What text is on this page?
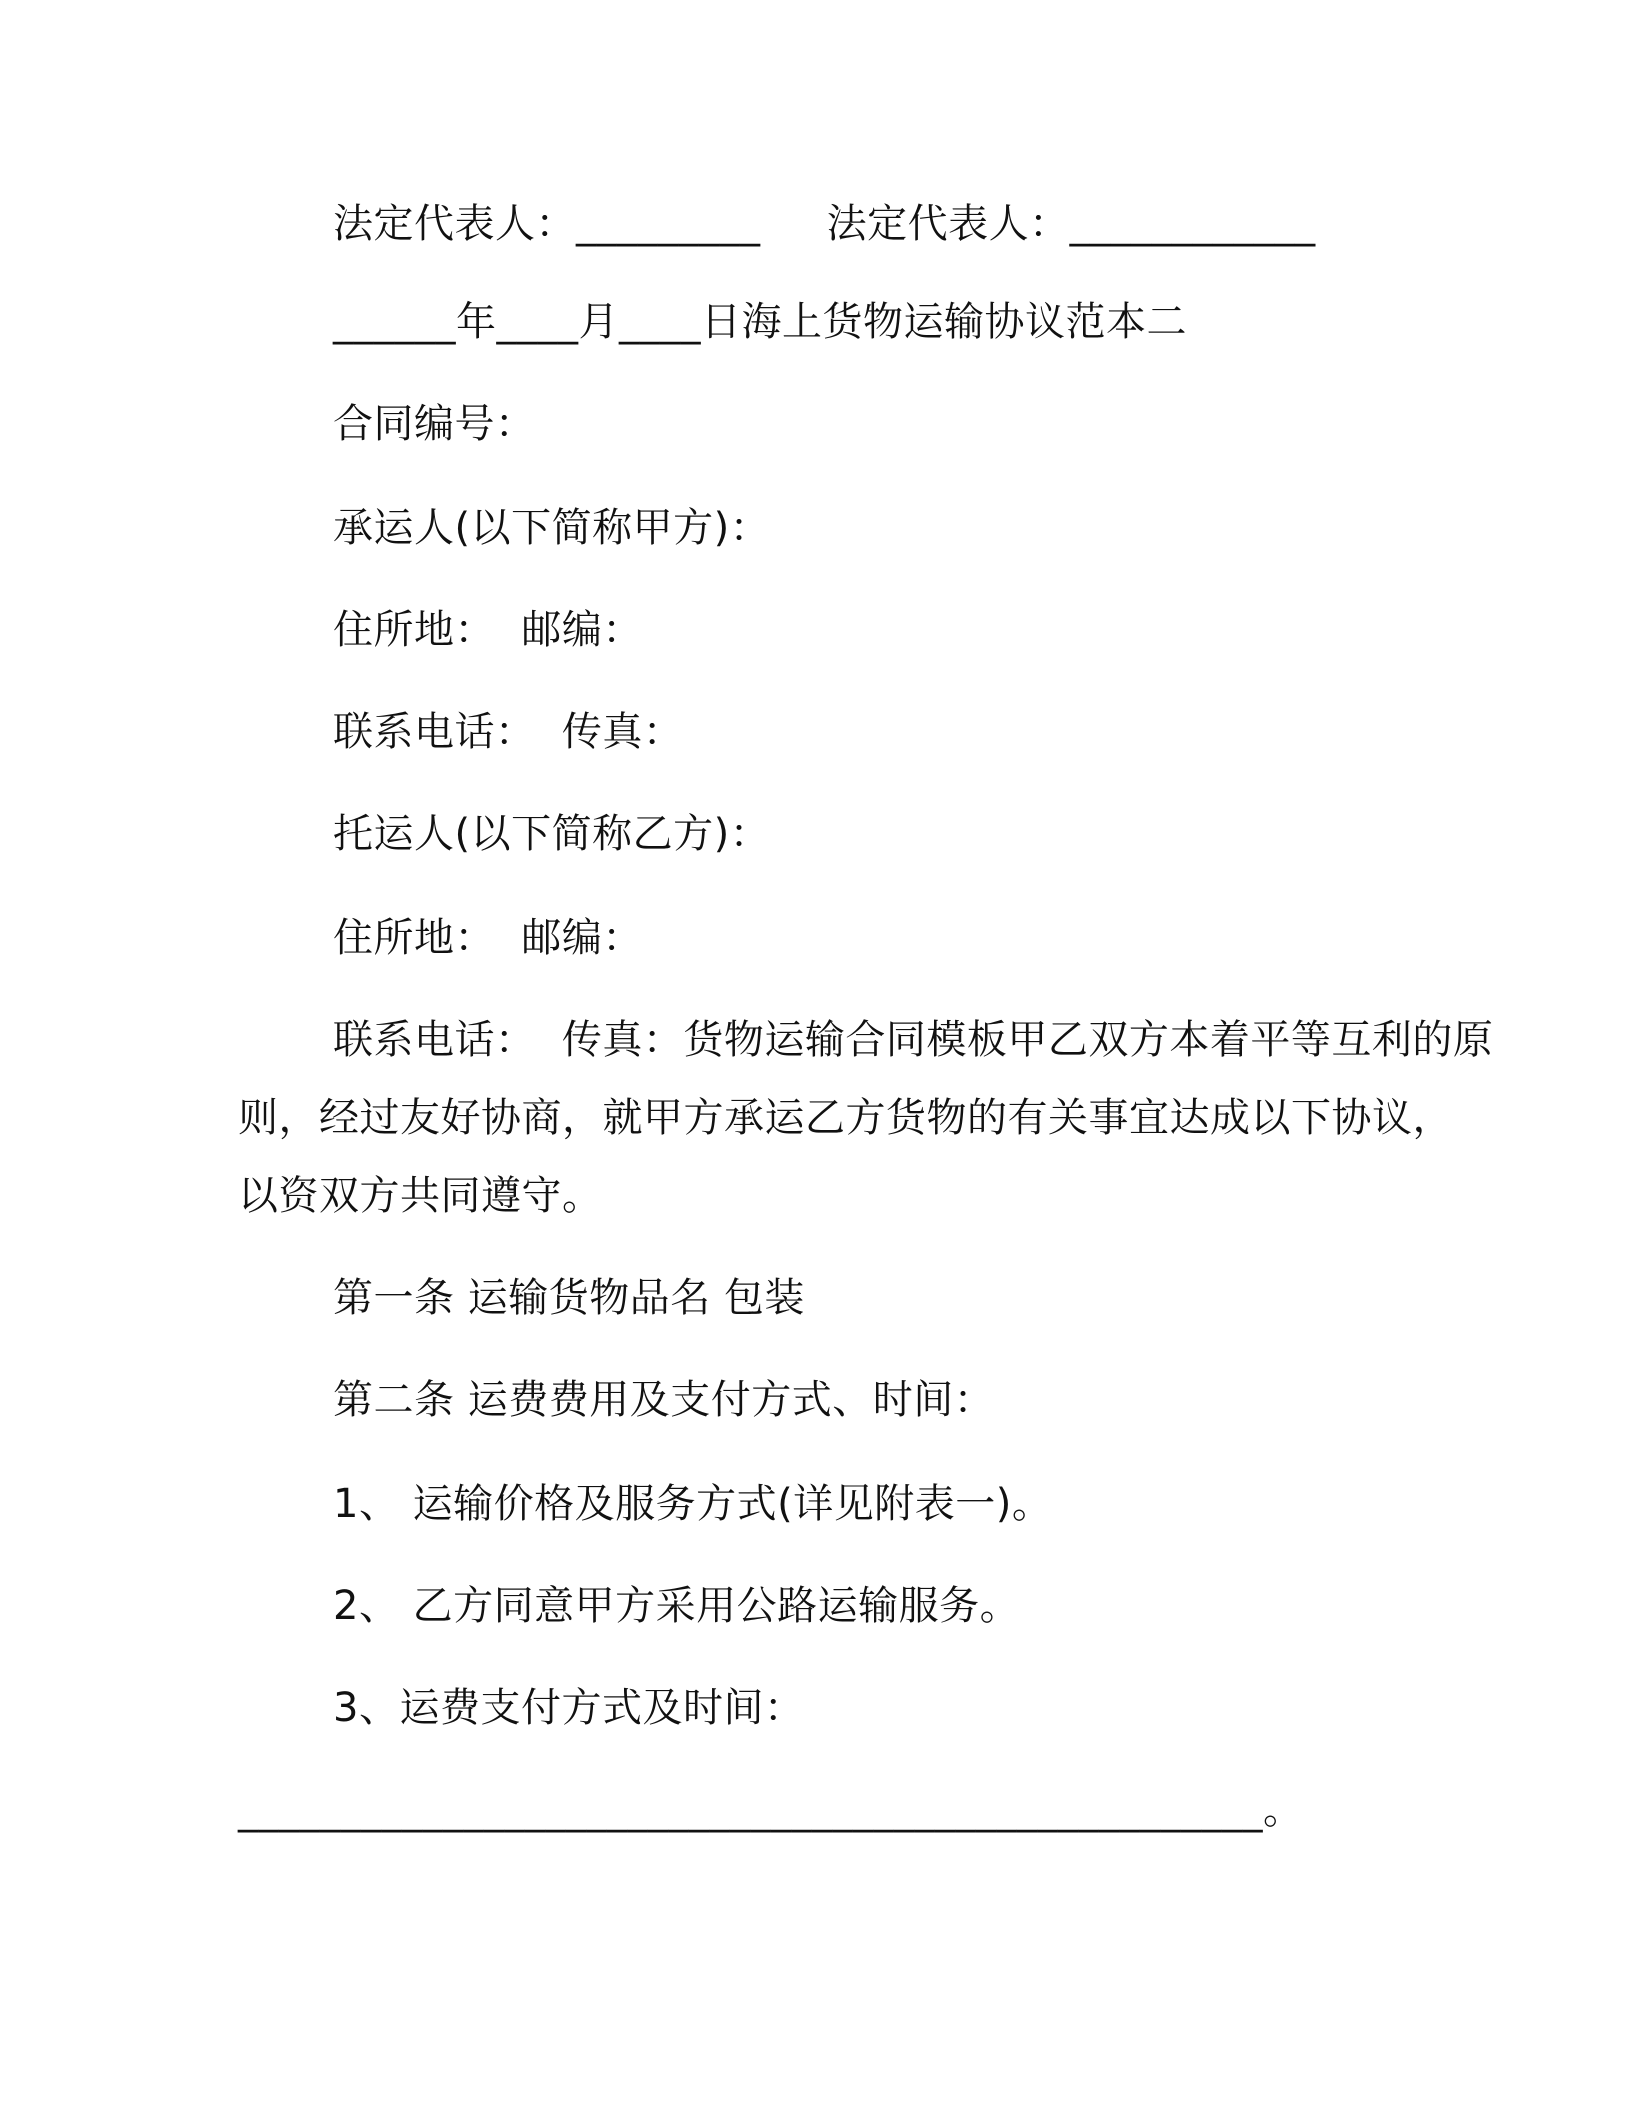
法定代表人：_________     法定代表人：____________
______年____月____日海上货物运输协议范本二
合同编号：
承运人(以下简称甲方)：
住所地：  邮编：
联系电话：  传真：
托运人(以下简称乙方)：
住所地：  邮编：
联系电话：  传真：货物运输合同模板甲乙双方本着平等互利的原
则，经过友好协商，就甲方承运乙方货物的有关事宜达成以下协议，
以资双方共同遵守。
第一条 运输货物品名 包装
第二条 运费费用及支付方式、时间：
1、 运输价格及服务方式(详见附表一)。
2、 乙方同意甲方采用公路运输服务。
3、运费支付方式及时间：
__________________________________________________。
